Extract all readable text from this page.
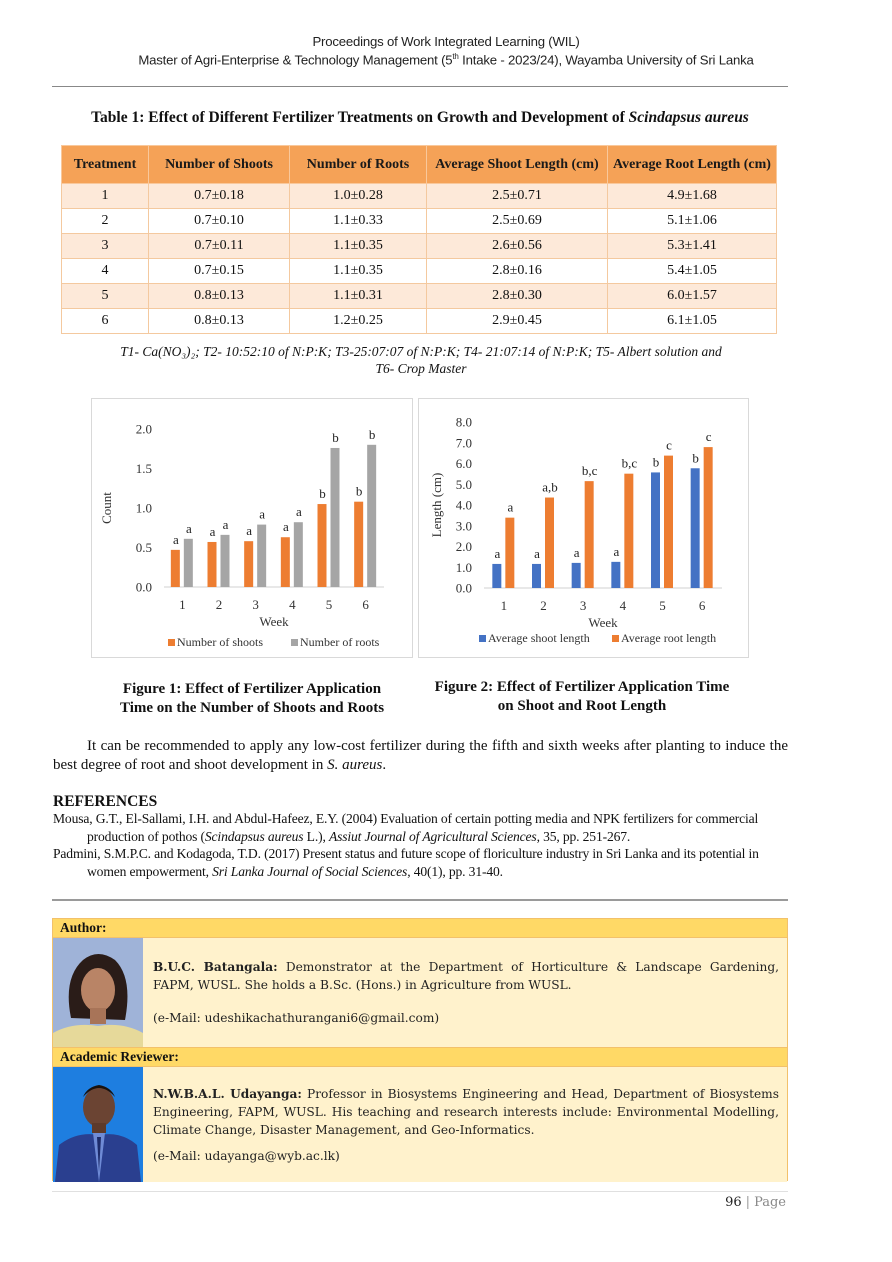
Proceedings of Work Integrated Learning (WIL)
Master of Agri-Enterprise & Technology Management (5th Intake - 2023/24), Wayamba University of Sri Lanka
Table 1: Effect of Different Fertilizer Treatments on Growth and Development of Scindapsus aureus
Treatment	Number of Shoots	Number of Roots	Average Shoot Length (cm)	Average Root Length (cm)
1	0.7±0.18	1.0±0.28	2.5±0.71	4.9±1.68
2	0.7±0.10	1.1±0.33	2.5±0.69	5.1±1.06
3	0.7±0.11	1.1±0.35	2.6±0.56	5.3±1.41
4	0.7±0.15	1.1±0.35	2.8±0.16	5.4±1.05
5	0.8±0.13	1.1±0.31	2.8±0.30	6.0±1.57
6	0.8±0.13	1.2±0.25	2.9±0.45	6.1±1.05
T1- Ca(NO₃)₂; T2- 10:52:10 of N:P:K; T3-25:07:07 of N:P:K; T4- 21:07:14 of N:P:K; T5- Albert solution and
T6- Crop Master
0.0
0.5
1.0
1.5
2.0
1
a
a
2
a a
3
a
a
4
a
a
5
b
b
6
b
b
Week
Count
Number of shoots	Number of roots
0.0
1.0
2.0
3.0
4.0
5.0
6.0
7.0
8.0
1
a
a
2
a
a,b
3
a
b,c
4
a
b,c
5
b
c
6
b
c
Week
Length (cm)
Average shoot length	Average root length
Figure 1: Effect of Fertilizer Application
Time on the Number of Shoots and Roots
Figure 2: Effect of Fertilizer Application Time
on Shoot and Root Length
It can be recommended to apply any low-cost fertilizer during the fifth and sixth weeks after planting to induce the best degree of root and shoot development in S. aureus.
REFERENCES
Mousa, G.T., El-Sallami, I.H. and Abdul-Hafeez, E.Y. (2004) Evaluation of certain potting media and NPK fertilizers for commercial production of pothos (Scindapsus aureus L.), Assiut Journal of Agricultural Sciences, 35, pp. 251-267.
Padmini, S.M.P.C. and Kodagoda, T.D. (2017) Present status and future scope of floriculture industry in Sri Lanka and its potential in women empowerment, Sri Lanka Journal of Social Sciences, 40(1), pp. 31-40.
Author:
B.U.C. Batangala: Demonstrator at the Department of Horticulture & Landscape Gardening, FAPM, WUSL. She holds a B.Sc. (Hons.) in Agriculture from WUSL.
(e-Mail: udeshikachathurangani6@gmail.com)
Academic Reviewer:
N.W.B.A.L. Udayanga: Professor in Biosystems Engineering and Head, Department of Biosystems Engineering, FAPM, WUSL. His teaching and research interests include: Environmental Modelling, Climate Change, Disaster Management, and Geo-Informatics.
(e-Mail: udayanga@wyb.ac.lk)
96 | Page
